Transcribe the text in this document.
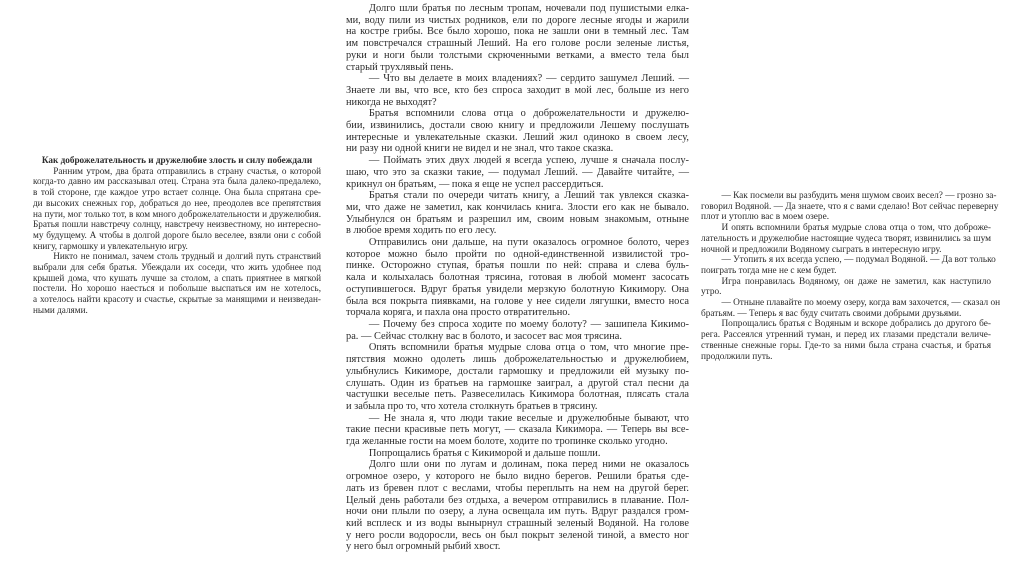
Как доброжелательность и дружелюбие злость и силу побеждали
Ранним утром, два брата отправились в страну счастья, о которой
когда-то давно им рассказывал отец. Страна эта была далеко-предалеко,
в той стороне, где каждое утро встает солнце. Она была спрятана сре-
ди высоких снежных гор, добраться до нее, преодолев все препятствия
на пути, мог только тот, в ком много доброжелательности и дружелюбия.
Братья пошли навстречу солнцу, навстречу неизвестному, но интересно-
му будущему. А чтобы в долгой дороге было веселее, взяли они с собой
книгу, гармошку и увлекательную игру.
Никто не понимал, зачем столь трудный и долгий путь странствий
выбрали для себя братья. Убеждали их соседи, что жить удобнее под
крышей дома, что кушать лучше за столом, а спать приятнее в мягкой
постели. Но хорошо наесться и побольше выспаться им не хотелось,
а хотелось найти красоту и счастье, скрытые за манящими и неизведан-
ными далями.
Долго шли братья по лесным тропам, ночевали под пушистыми елка-
ми, воду пили из чистых родников, ели по дороге лесные ягоды и жарили
на костре грибы. Все было хорошо, пока не зашли они в темный лес. Там
им повстречался страшный Леший. На его голове росли зеленые листья,
руки и ноги были толстыми скрюченными ветками, а вместо тела был
старый трухлявый пень.
— Что вы делаете в моих владениях? — сердито зашумел Леший. —
Знаете ли вы, что все, кто без спроса заходит в мой лес, больше из него
никогда не выходят?
Братья вспомнили слова отца о доброжелательности и дружелю-
бии, извинились, достали свою книгу и предложили Лешему послушать
интересные и увлекательные сказки. Леший жил одиноко в своем лесу,
ни разу ни одной книги не видел и не знал, что такое сказка.
— Поймать этих двух людей я всегда успею, лучше я сначала послу-
шаю, что это за сказки такие, — подумал Леший. — Давайте читайте, —
крикнул он братьям, — пока я еще не успел рассердиться.
Братья стали по очереди читать книгу, а Леший так увлекся сказка-
ми, что даже не заметил, как кончилась книга. Злости его как не бывало.
Улыбнулся он братьям и разрешил им, своим новым знакомым, отныне
в любое время ходить по его лесу.
Отправились они дальше, на пути оказалось огромное болото, через
которое можно было пройти по одной-единственной извилистой тро-
пинке. Осторожно ступая, братья пошли по ней: справа и слева буль-
кала и колыхалась болотная трясина, готовая в любой момент засосать
оступившегося. Вдруг братья увидели мерзкую болотную Кикимору. Она
была вся покрыта пиявками, на голове у нее сидели лягушки, вместо носа
торчала коряга, и пахла она просто отвратительно.
— Почему без спроса ходите по моему болоту? — зашипела Кикимо-
ра. — Сейчас столкну вас в болото, и засосет вас моя трясина.
Опять вспомнили братья мудрые слова отца о том, что многие пре-
пятствия можно одолеть лишь доброжелательностью и дружелюбием,
улыбнулись Кикиморе, достали гармошку и предложили ей музыку по-
слушать. Один из братьев на гармошке заиграл, а другой стал песни да
частушки веселые петь. Развеселилась Кикимора болотная, плясать стала
и забыла про то, что хотела столкнуть братьев в трясину.
— Не знала я, что люди такие веселые и дружелюбные бывают, что
такие песни красивые петь могут, — сказала Кикимора. — Теперь вы все-
гда желанные гости на моем болоте, ходите по тропинке сколько угодно.
Попрощались братья с Кикиморой и дальше пошли.
Долго шли они по лугам и долинам, пока перед ними не оказалось
огромное озеро, у которого не было видно берегов. Решили братья сде-
лать из бревен плот с веслами, чтобы переплыть на нем на другой берег.
Целый день работали без отдыха, а вечером отправились в плавание. Пол-
ночи они плыли по озеру, а луна освещала им путь. Вдруг раздался гром-
кий всплеск и из воды вынырнул страшный зеленый Водяной. На голове
у него росли водоросли, весь он был покрыт зеленой тиной, а вместо ног
у него был огромный рыбий хвост.
— Как посмели вы разбудить меня шумом своих весел? — грозно за-
говорил Водяной. — Да знаете, что я с вами сделаю! Вот сейчас переверну
плот и утоплю вас в моем озере.
И опять вспомнили братья мудрые слова отца о том, что доброже-
лательность и дружелюбие настоящие чудеса творят, извинились за шум
ночной и предложили Водяному сыграть в интересную игру.
— Утопить я их всегда успею, — подумал Водяной. — Да вот только
поиграть тогда мне не с кем будет.
Игра понравилась Водяному, он даже не заметил, как наступило
утро.
— Отныне плавайте по моему озеру, когда вам захочется, — сказал он
братьям. — Теперь я вас буду считать своими добрыми друзьями.
Попрощались братья с Водяным и вскоре добрались до другого бе-
рега. Рассеялся утренний туман, и перед их глазами предстали величе-
ственные снежные горы. Где-то за ними была страна счастья, и братья
продолжили путь.
